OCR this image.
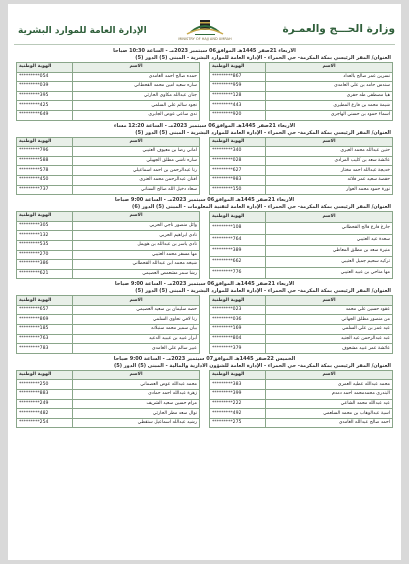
وزارة الحـــج والعمـرة
MINISTRY OF HAJJ AND UMRAH
الإدارة العامة للموارد البشرية
الأربعاء 21صفر 1445هـ الموافق06 سبتمبر 2023مـ - الساعة 10:30 صباحاً
العنوان/ المقر الرئيسي بمكة المكرمة- حي الحمراء - الإدارة العامة للموارد البشرية - المبنى (5) الدور (5)
الاسم	الهوية الوطنية
نسرين عمر صالح بالعداد	*********867
سندس حامد بن علي العامدي	*********959
هيا مصطفى طه حفري	*********128
شيمة محمد بن فارع المطيري	*********443
اسماء حمود بن حسني الهاجري	*********920
الاسم	الهوية الوطنية
حمده صالح احمد الغامدي	*********054
ساره سعيد امين محمد القحطاني	*********039
جنان عبدالله مكاوي الحارثي	*********395
نجود سالم علي السلمي	*********425
ندى ساعي عوض الجابري	*********649
الأربعاء 21صفر 1445هـ الموافق06 سبتمبر 2023مـ - الساعة 12:20 مساء
العنوان/ المقر الرئيسي بمكة المكرمة- حي الحمراء - الإدارة العامة للموارد البشرية - المبنى (5) الدور (5)
الاسم	الهوية الوطنية
حنين عبدالله محمد العبري	*********340
عائشة سعد بن كليب المرادي	*********028
خديجة عبدالله احمد مختار	*********627
حفصة سعيد عمر فلاته	*********983
نورة حمود محمد العوار	*********150
الاسم	الهوية الوطنية
اماني رضا بن معيوف العتيبي	*********796
ساره ناشي مطلق الجهيلي	*********588
رنا عبدالرحمن بن احمد اسماعيلي	*********578
افنان عبدالرحمن محمد العنزي	*********450
سعاد دخيل الله صالح السناني	*********737
الأربعاء 21صفر 1445هـ الموافق06 سبتمبر 2023مـ - الساعة 9:00 صباحاً
العنوان/ المقر الرئيسي بمكة المكرمة- حي الحمراء - الإدارة العامة لتقنية المعلومات - المبنى (5) الدور (6)
الاسم	الهوية الوطنية
جارغ فارع فالح القحطاني	*********108
سعدة عيد العتيبي	*********764
منيرة سعد بن مطلق المعاطي	*********389
تركيه سحيم جميل العتيبي	*********662
مها مناحي بن عبيد العتيبي	*********776
الاسم	الهوية الوطنية
وائل منصور ناجي الحربي	*********305
نادي ابراهيم الحربي	*********132
نادي ياسر بن عبدالله بن هويمل	*********535
مها مسفر محمد العتيبي	*********270
شيخه محمد ابن عبدالله القحطاني	*********386
رشا سمر مشعمص العصيمي	*********621
الأربعاء 21صفر 1445هـ الموافق06 سبتمبر 2023مـ - الساعة 9:00 صباحاً
العنوان/ المقر الرئيسي بمكة المكرمة- حي الحمراء - الإدارة العامة للموارد البشرية - المبنى (5) الدور (5)
الاسم	الهوية الوطنية
عقود حسين علي محمد	*********023
من منصور مطلق الجهاني	*********036
عيد عمر بن علي السلمي	*********169
عبد عبدالرحمن عيد الجنيد	*********804
عائشة عمر عبيد مشعوف	*********379
الاسم	الهوية الوطنية
حصه سليمان بن سعيد العصيمي	*********657
رنا لافي نحاوي السلمي	*********869
بيان سمير محمد سنبلانه	*********185
أبرار عبيد بن عيبيد الدعيد	*********763
عبير سالم علي الغامدي	*********783
الخميس 22صفر 1445هـ الموافق07 سبتمبر 2023مـ - الساعة 9:00 صباحاً
العنوان/ المقر الرئيسي بمكة المكرمة- حي الحمراء - الإدارة العامة للشؤون الادارية والمالية - المبنى (5) الدور (5)
الاسم	الهوية الوطنية
محمد عبدالله عطيه العمري	*********383
البندري محمدمحمد احمد دمدم	*********399
عيد عبدالله محمد الشاعي	*********222
اسية عبدالوهاب بن محمد السلعمي	*********492
احمد صالح عبدالله الغامدي	*********275
الاسم	الهوية الوطنية
محمد عبدالله عوض العصماني	*********250
زهرة عبدالله احمد حمادي	*********883
مرام حسين سعيد الشريف	*********249
نوال سعد مطر الحارثي	*********482
رشيد عبدالله اسماعيل ستقطي	*********254
